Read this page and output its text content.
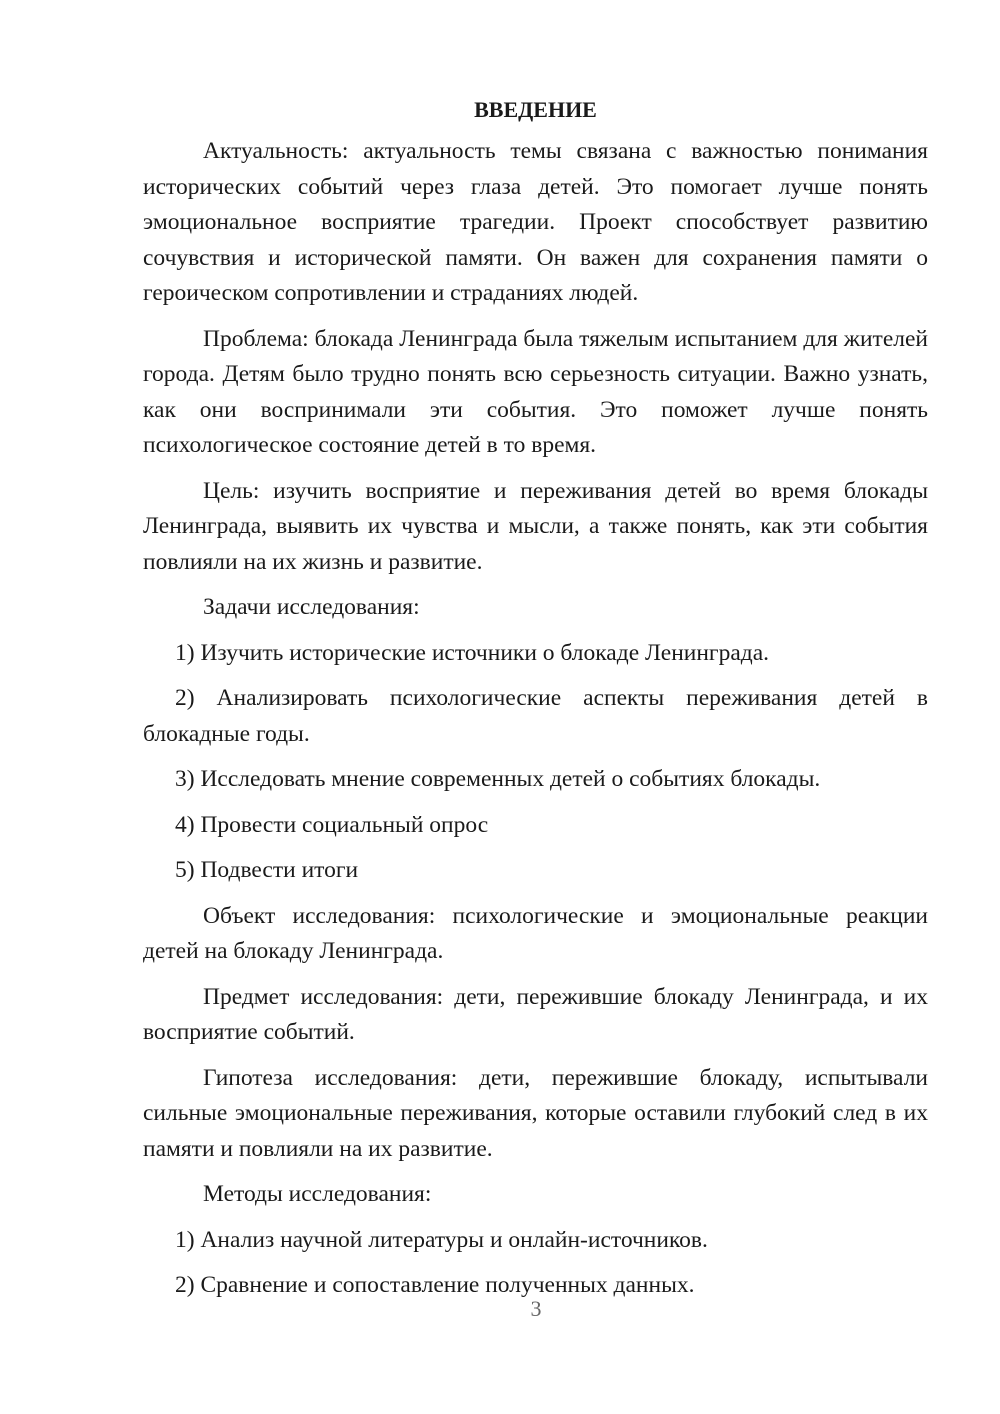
ВВЕДЕНИЕ

Актуальность: актуальность темы связана с важностью понимания исторических событий через глаза детей. Это помогает лучше понять эмоциональное восприятие трагедии. Проект способствует развитию сочувствия и исторической памяти. Он важен для сохранения памяти о героическом сопротивлении и страданиях людей.

Проблема: блокада Ленинграда была тяжелым испытанием для жителей города. Детям было трудно понять всю серьезность ситуации. Важно узнать, как они воспринимали эти события. Это поможет лучше понять психологическое состояние детей в то время.

Цель: изучить восприятие и переживания детей во время блокады Ленинграда, выявить их чувства и мысли, а также понять, как эти события повлияли на их жизнь и развитие.

Задачи исследования:

1) Изучить исторические источники о блокаде Ленинграда.

2) Анализировать психологические аспекты переживания детей в блокадные годы.

3) Исследовать мнение современных детей о событиях блокады.

4) Провести социальный опрос

5) Подвести итоги

Объект исследования: психологические и эмоциональные реакции детей на блокаду Ленинграда.

Предмет исследования: дети, пережившие блокаду Ленинграда, и их восприятие событий.

Гипотеза исследования: дети, пережившие блокаду, испытывали сильные эмоциональные переживания, которые оставили глубокий след в их памяти и повлияли на их развитие.

Методы исследования:

1) Анализ научной литературы и онлайн-источников.

2) Сравнение и сопоставление полученных данных.

3
